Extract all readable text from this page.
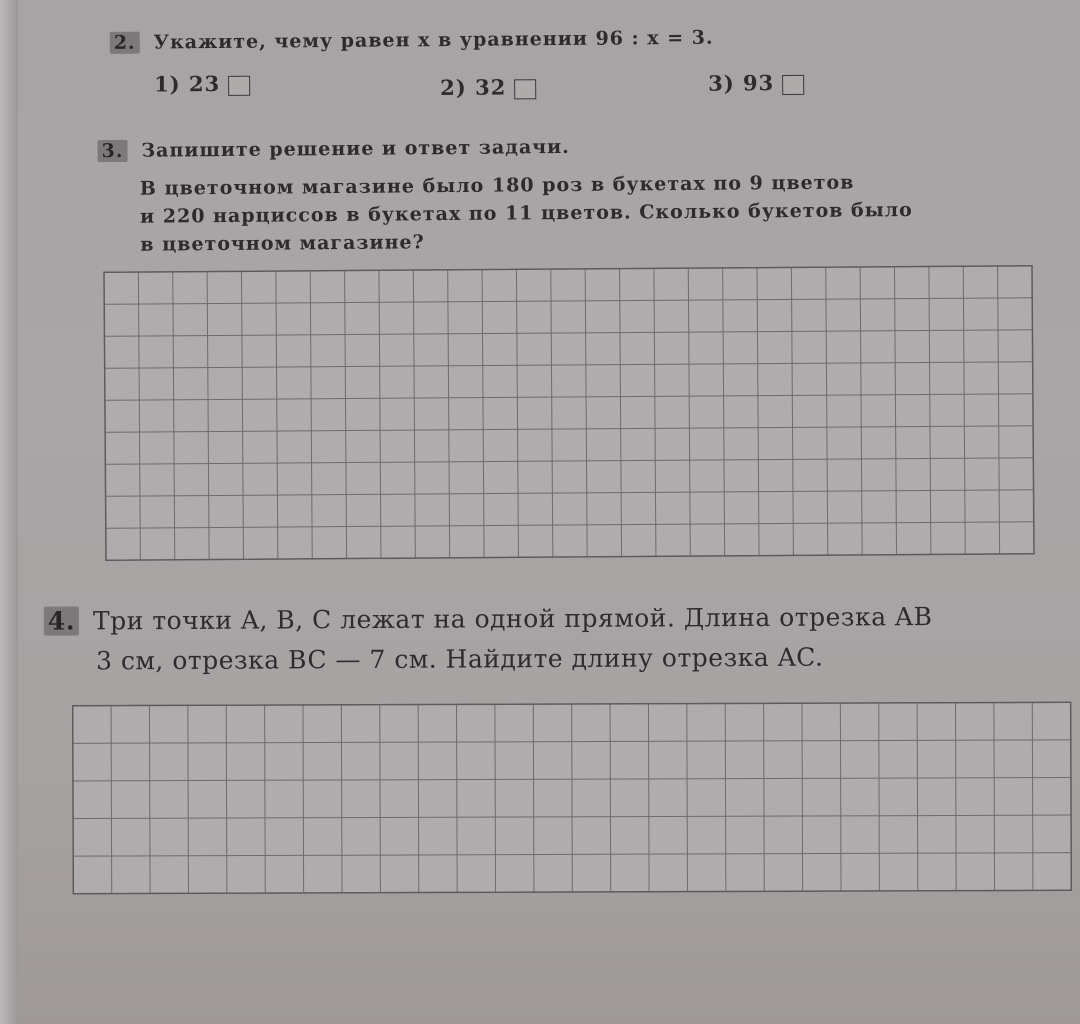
2. Укажите, чему равен x в уравнении 96 : x = 3.
1) 23	2) 32	3) 93
3. Запишите решение и ответ задачи.
В цветочном магазине было 180 роз в букетах по 9 цветов
и 220 нарциссов в букетах по 11 цветов. Сколько букетов было
в цветочном магазине?
4. Три точки A, B, C лежат на одной прямой. Длина отрезка AB
3 см, отрезка BC — 7 см. Найдите длину отрезка AC.
